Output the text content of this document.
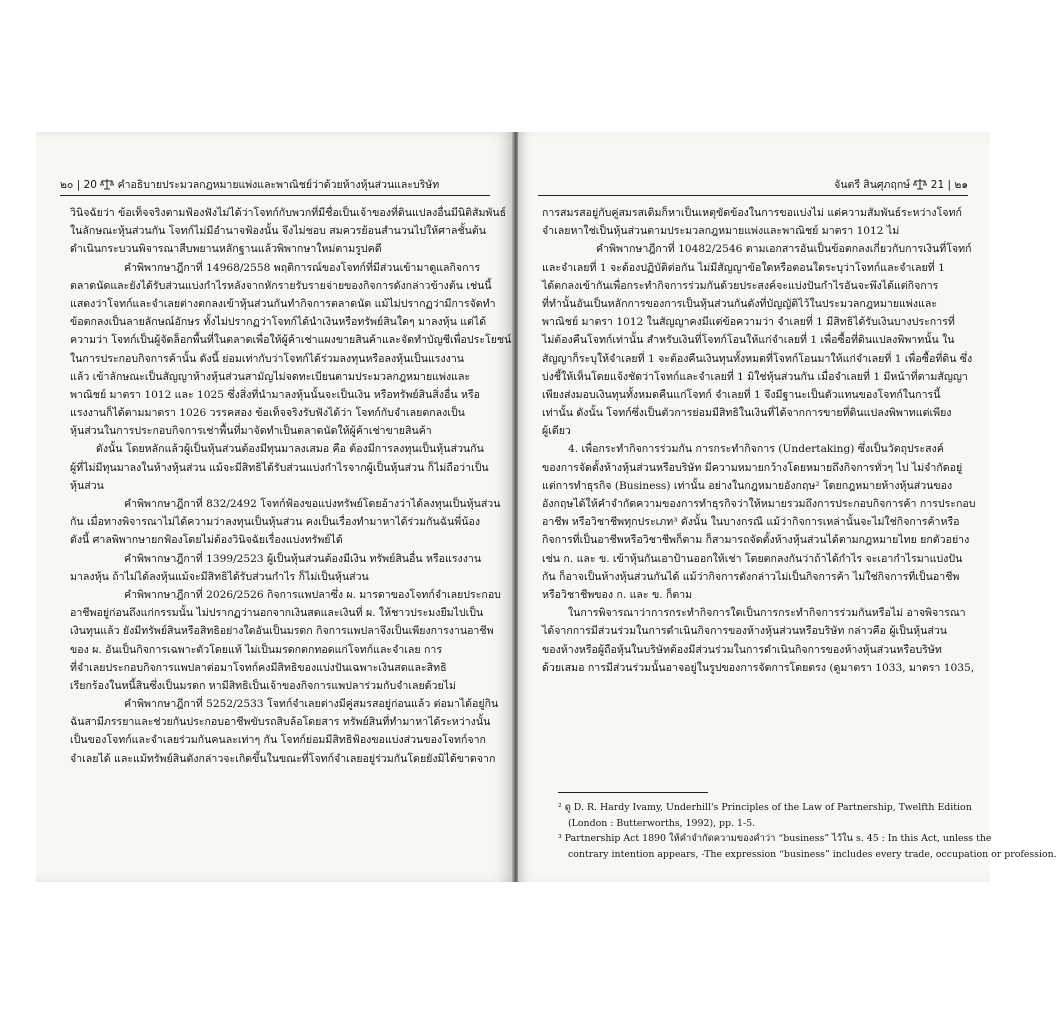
๒๐ | 20 คำอธิบายประมวลกฎหมายแพ่งและพาณิชย์ว่าด้วยห้างหุ้นส่วนและบริษัท
วินิจฉัยว่า ข้อเท็จจริงตามฟ้องฟังไม่ได้ว่าโจทก์กับพวกที่มีชื่อเป็นเจ้าของที่ดินแปลงอื่นมีนิติสัมพันธ์
ในลักษณะหุ้นส่วนกัน โจทก์ไม่มีอำนาจฟ้องนั้น จึงไม่ชอบ สมควรย้อนสำนวนไปให้ศาลชั้นต้น
ดำเนินกระบวนพิจารณาสืบพยานหลักฐานแล้วพิพากษาใหม่ตามรูปคดี
คำพิพากษาฎีกาที่ 14968/2558 พฤติการณ์ของโจทก์ที่มีส่วนเข้ามาดูแลกิจการ
ตลาดนัดและยังได้รับส่วนแบ่งกำไรหลังจากหักรายรับรายจ่ายของกิจการดังกล่าวข้างต้น เช่นนี้
แสดงว่าโจทก์และจำเลยต่างตกลงเข้าหุ้นส่วนกันทำกิจการตลาดนัด แม้ไม่ปรากฏว่ามีการจัดทำ
ข้อตกลงเป็นลายลักษณ์อักษร ทั้งไม่ปรากฏว่าโจทก์ได้นำเงินหรือทรัพย์สินใดๆ มาลงหุ้น แต่ได้
ความว่า โจทก์เป็นผู้จัดล็อกพื้นที่ในตลาดเพื่อให้ผู้ค้าเช่าแผงขายสินค้าและจัดทำบัญชีเพื่อประโยชน์
ในการประกอบกิจการค้านั้น ดังนี้ ย่อมเท่ากับว่าโจทก์ได้ร่วมลงทุนหรือลงหุ้นเป็นแรงงาน
แล้ว เข้าลักษณะเป็นสัญญาห้างหุ้นส่วนสามัญไม่จดทะเบียนตามประมวลกฎหมายแพ่งและ
พาณิชย์ มาตรา 1012 และ 1025 ซึ่งสิ่งที่นำมาลงหุ้นนั้นจะเป็นเงิน หรือทรัพย์สินสิ่งอื่น หรือ
แรงงานก็ได้ตามมาตรา 1026 วรรคสอง ข้อเท็จจริงรับฟังได้ว่า โจทก์กับจำเลยตกลงเป็น
หุ้นส่วนในการประกอบกิจการเช่าพื้นที่มาจัดทำเป็นตลาดนัดให้ผู้ค้าเช่าขายสินค้า
ดังนั้น โดยหลักแล้วผู้เป็นหุ้นส่วนต้องมีทุนมาลงเสมอ คือ ต้องมีการลงทุนเป็นหุ้นส่วนกัน
ผู้ที่ไม่มีทุนมาลงในห้างหุ้นส่วน แม้จะมีสิทธิได้รับส่วนแบ่งกำไรจากผู้เป็นหุ้นส่วน ก็ไม่ถือว่าเป็น
หุ้นส่วน
คำพิพากษาฎีกาที่ 832/2492 โจทก์ฟ้องขอแบ่งทรัพย์โดยอ้างว่าได้ลงทุนเป็นหุ้นส่วน
กัน เมื่อทางพิจารณาไม่ได้ความว่าลงทุนเป็นหุ้นส่วน คงเป็นเรื่องทำมาหาได้ร่วมกันฉันพี่น้อง
ดังนี้ ศาลพิพากษายกฟ้องโดยไม่ต้องวินิจฉัยเรื่องแบ่งทรัพย์ได้
คำพิพากษาฎีกาที่ 1399/2523 ผู้เป็นหุ้นส่วนต้องมีเงิน ทรัพย์สินอื่น หรือแรงงาน
มาลงหุ้น ถ้าไม่ได้ลงหุ้นแม้จะมีสิทธิได้รับส่วนกำไร ก็ไม่เป็นหุ้นส่วน
คำพิพากษาฎีกาที่ 2026/2526 กิจการแพปลาซึ่ง ผ. มารดาของโจทก์จำเลยประกอบ
อาชีพอยู่ก่อนถึงแก่กรรมนั้น ไม่ปรากฏว่านอกจากเงินสดและเงินที่ ผ. ให้ชาวประมงยืมไปเป็น
เงินทุนแล้ว ยังมีทรัพย์สินหรือสิทธิอย่างใดอันเป็นมรดก กิจการแพปลาจึงเป็นเพียงการงานอาชีพ
ของ ผ. อันเป็นกิจการเฉพาะตัวโดยแท้ ไม่เป็นมรดกตกทอดแก่โจทก์และจำเลย การ
ที่จำเลยประกอบกิจการแพปลาต่อมาโจทก์คงมีสิทธิของแบ่งปันเฉพาะเงินสดและสิทธิ
เรียกร้องในหนี้สินซึ่งเป็นมรดก หามีสิทธิเป็นเจ้าของกิจการแพปลาร่วมกับจำเลยด้วยไม่
คำพิพากษาฎีกาที่ 5252/2533 โจทก์จำเลยต่างมีคู่สมรสอยู่ก่อนแล้ว ต่อมาได้อยู่กิน
ฉันสามีภรรยาและช่วยกันประกอบอาชีพขับรถสิบล้อโดยสาร ทรัพย์สินที่ทำมาหาได้ระหว่างนั้น
เป็นของโจทก์และจำเลยร่วมกันคนละเท่าๆ กัน โจทก์ย่อมมีสิทธิฟ้องขอแบ่งส่วนของโจทก์จาก
จำเลยได้ และแม้ทรัพย์สินดังกล่าวจะเกิดขึ้นในขณะที่โจทก์จำเลยอยู่ร่วมกันโดยยังมิได้ขาดจาก
จันตรี สินศุภฤกษ์ 21 | ๒๑
การสมรสอยู่กับคู่สมรสเดิมก็หาเป็นเหตุขัดข้องในการขอแบ่งไม่ แต่ความสัมพันธ์ระหว่างโจทก์
จำเลยหาใช่เป็นหุ้นส่วนตามประมวลกฎหมายแพ่งและพาณิชย์ มาตรา 1012 ไม่
คำพิพากษาฎีกาที่ 10482/2546 ตามเอกสารอันเป็นข้อตกลงเกี่ยวกับการเงินที่โจทก์
และจำเลยที่ 1 จะต้องปฏิบัติต่อกัน ไม่มีสัญญาข้อใดหรือตอนใดระบุว่าโจทก์และจำเลยที่ 1
ได้ตกลงเข้ากันเพื่อกระทำกิจการร่วมกันด้วยประสงค์จะแบ่งปันกำไรอันจะพึงได้แต่กิจการ
ที่ทำนั้นอันเป็นหลักการของการเป็นหุ้นส่วนกันดังที่บัญญัติไว้ในประมวลกฎหมายแพ่งและ
พาณิชย์ มาตรา 1012 ในสัญญาคงมีแต่ข้อความว่า จำเลยที่ 1 มีสิทธิได้รับเงินบางประการที่
ไม่ต้องคืนโจทก์เท่านั้น สำหรับเงินที่โจทก์โอนให้แก่จำเลยที่ 1 เพื่อซื้อที่ดินแปลงพิพาทนั้น ใน
สัญญาก็ระบุให้จำเลยที่ 1 จะต้องคืนเงินทุนทั้งหมดที่โจทก์โอนมาให้แก่จำเลยที่ 1 เพื่อซื้อที่ดิน ซึ่ง
บ่งชี้ให้เห็นโดยแจ้งชัดว่าโจทก์และจำเลยที่ 1 มิใช่หุ้นส่วนกัน เมื่อจำเลยที่ 1 มีหน้าที่ตามสัญญา
เพียงส่งมอบเงินทุนทั้งหมดคืนแก่โจทก์ จำเลยที่ 1 จึงมีฐานะเป็นตัวแทนของโจทก์ในการนี้
เท่านั้น ดังนั้น โจทก์ซึ่งเป็นตัวการย่อมมีสิทธิในเงินที่ได้จากการขายที่ดินแปลงพิพาทแต่เพียง
ผู้เดียว
4. เพื่อกระทำกิจการร่วมกัน การกระทำกิจการ (Undertaking) ซึ่งเป็นวัตถุประสงค์
ของการจัดตั้งห้างหุ้นส่วนหรือบริษัท มีความหมายกว้างโดยหมายถึงกิจการทั่วๆ ไป ไม่จำกัดอยู่
แต่การทำธุรกิจ (Business) เท่านั้น อย่างในกฎหมายอังกฤษ² โดยกฎหมายห้างหุ้นส่วนของ
อังกฤษได้ให้คำจำกัดความของการทำธุรกิจว่าให้หมายรวมถึงการประกอบกิจการค้า การประกอบ
อาชีพ หรือวิชาชีพทุกประเภท³ ดังนั้น ในบางกรณี แม้ว่ากิจการเหล่านั้นจะไม่ใช่กิจการค้าหรือ
กิจการที่เป็นอาชีพหรือวิชาชีพก็ตาม ก็สามารถจัดตั้งห้างหุ้นส่วนได้ตามกฎหมายไทย ยกตัวอย่าง
เช่น ก. และ ข. เข้าหุ้นกันเอาป้านออกให้เช่า โดยตกลงกันว่าถ้าได้กำไร จะเอากำไรมาแบ่งปัน
กัน ก็อาจเป็นห้างหุ้นส่วนกันได้ แม้ว่ากิจการดังกล่าวไม่เป็นกิจการค้า ไม่ใช่กิจการที่เป็นอาชีพ
หรือวิชาชีพของ ก. และ ข. ก็ตาม
ในการพิจารณาว่าการกระทำกิจการใดเป็นการกระทำกิจการร่วมกันหรือไม่ อาจพิจารณา
ได้จากการมีส่วนร่วมในการดำเนินกิจการของห้างหุ้นส่วนหรือบริษัท กล่าวคือ ผู้เป็นหุ้นส่วน
ของห้างหรือผู้ถือหุ้นในบริษัทต้องมีส่วนร่วมในการดำเนินกิจการของห้างหุ้นส่วนหรือบริษัท
ด้วยเสมอ การมีส่วนร่วมนั้นอาจอยู่ในรูปของการจัดการโดยตรง (ดูมาตรา 1033, มาตรา 1035,
² ดู D. R. Hardy Ivamy, Underhill's Principles of the Law of Partnership, Twelfth Edition
(London : Butterworths, 1992), pp. 1-5.
³ Partnership Act 1890 ให้คำจำกัดความของคำว่า “business” ไว้ใน s. 45 : In this Act, unless the
contrary intention appears, -The expression “business” includes every trade, occupation or profession.
